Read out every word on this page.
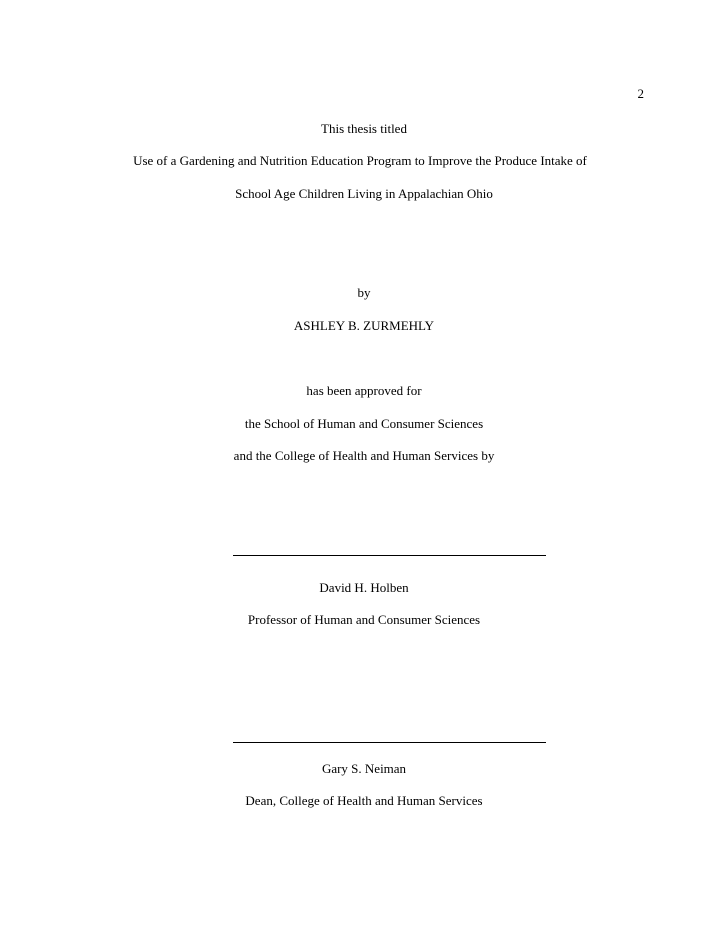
2
This thesis titled
Use of a Gardening and Nutrition Education Program to Improve the Produce Intake of
School Age Children Living in Appalachian Ohio
by
ASHLEY B. ZURMEHLY
has been approved for
the School of Human and Consumer Sciences
and the College of Health and Human Services by
David H. Holben
Professor of Human and Consumer Sciences
Gary S. Neiman
Dean, College of Health and Human Services
